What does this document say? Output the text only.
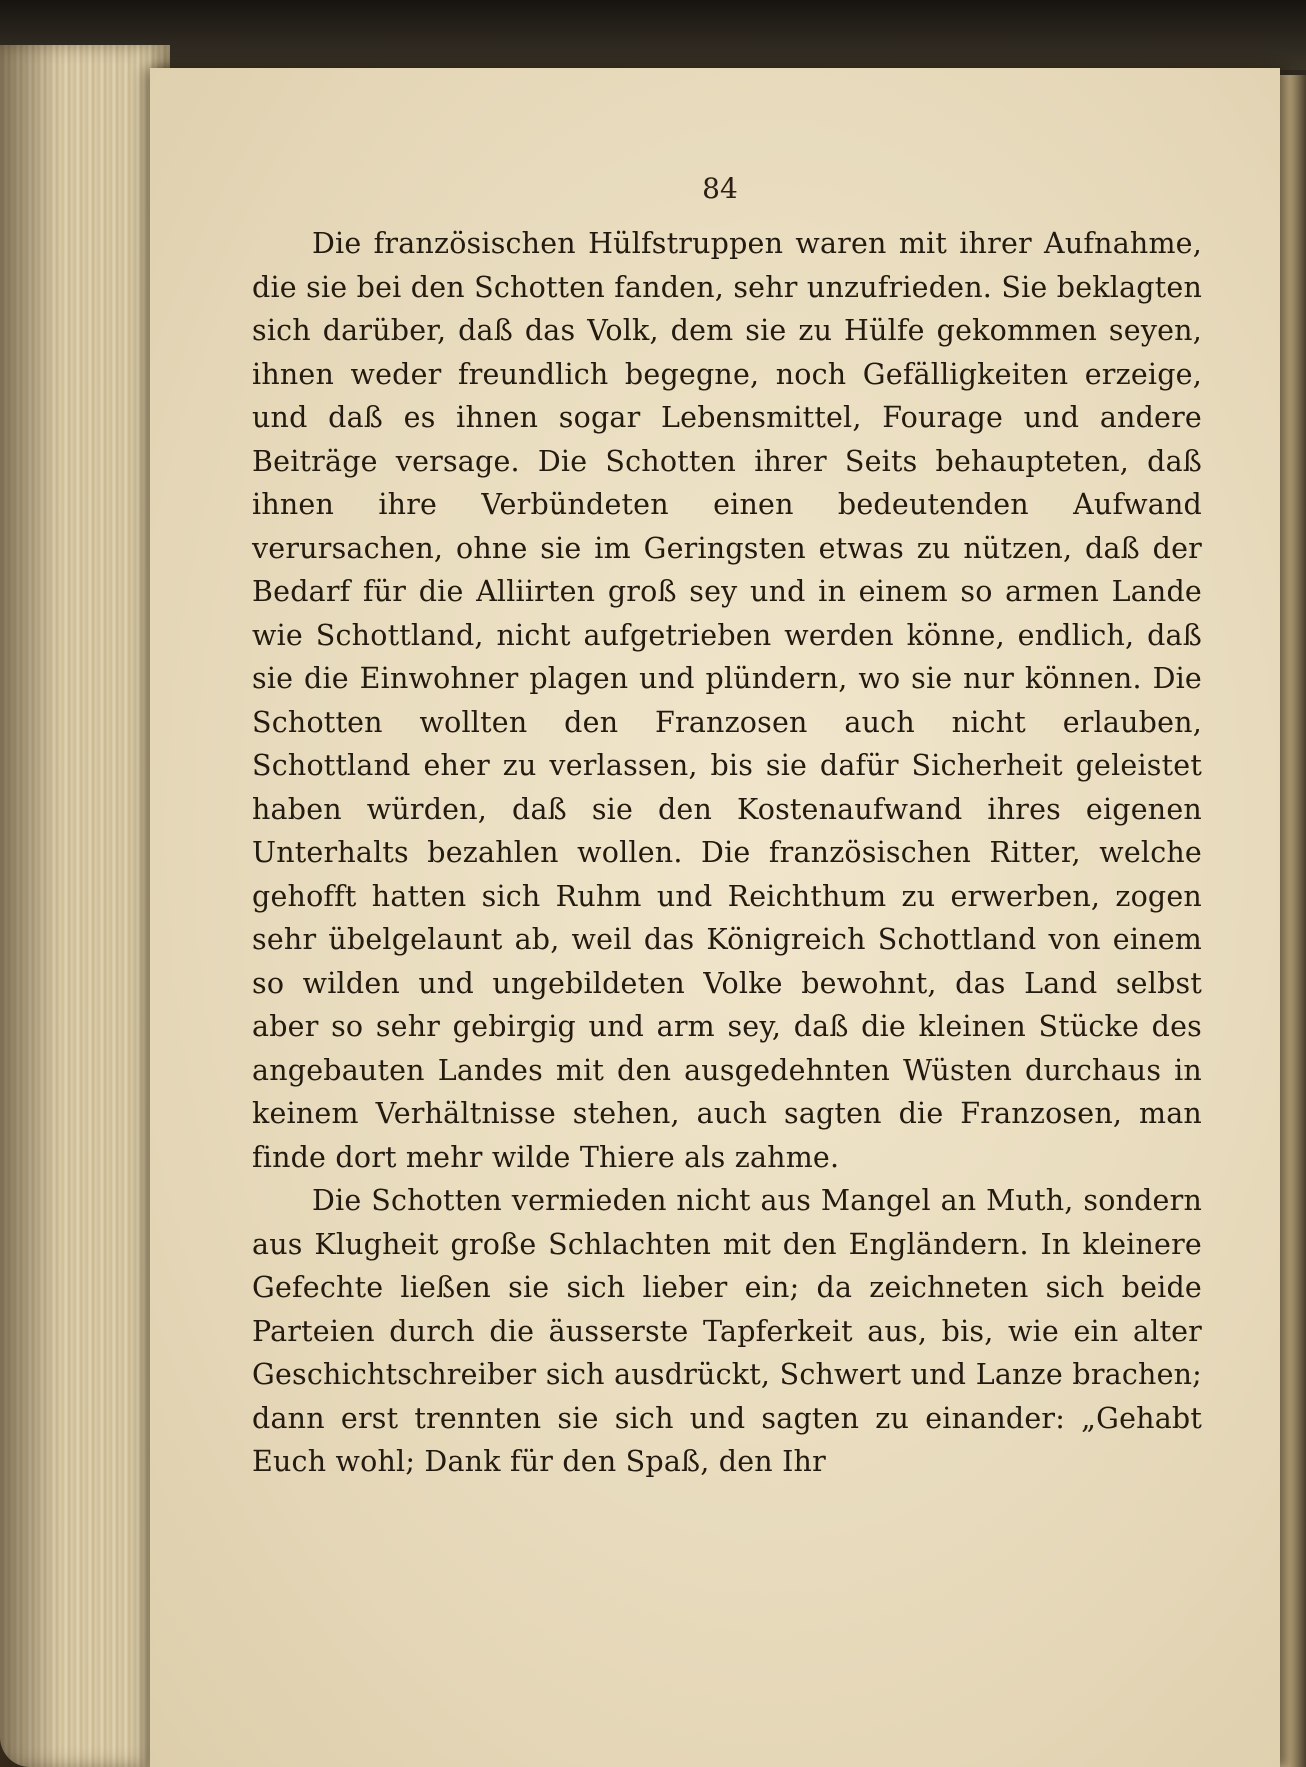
84

Die französischen Hülfstruppen waren mit ihrer Aufnahme, die sie bei den Schotten fanden, sehr unzufrieden. Sie beklagten sich darüber, daß das Volk, dem sie zu Hülfe gekommen seyen, ihnen weder freundlich begegne, noch Gefälligkeiten erzeige, und daß es ihnen sogar Lebensmittel, Fourage und andere Beiträge versage. Die Schotten ihrer Seits behaupteten, daß ihnen ihre Verbündeten einen bedeutenden Aufwand verursachen, ohne sie im Geringsten etwas zu nützen, daß der Bedarf für die Alliirten groß sey und in einem so armen Lande wie Schottland, nicht aufgetrieben werden könne, endlich, daß sie die Einwohner plagen und plündern, wo sie nur können. Die Schotten wollten den Franzosen auch nicht erlauben, Schottland eher zu verlassen, bis sie dafür Sicherheit geleistet haben würden, daß sie den Kostenaufwand ihres eigenen Unterhalts bezahlen wollen. Die französischen Ritter, welche gehofft hatten sich Ruhm und Reichthum zu erwerben, zogen sehr übelgelaunt ab, weil das Königreich Schottland von einem so wilden und ungebildeten Volke bewohnt, das Land selbst aber so sehr gebirgig und arm sey, daß die kleinen Stücke des angebauten Landes mit den ausgedehnten Wüsten durchaus in keinem Verhältnisse stehen, auch sagten die Franzosen, man finde dort mehr wilde Thiere als zahme.

Die Schotten vermieden nicht aus Mangel an Muth, sondern aus Klugheit große Schlachten mit den Engländern. In kleinere Gefechte ließen sie sich lieber ein; da zeichneten sich beide Parteien durch die äusserste Tapferkeit aus, bis, wie ein alter Geschichtschreiber sich ausdrückt, Schwert und Lanze brachen; dann erst trennten sie sich und sagten zu einander: „Gehabt Euch wohl; Dank für den Spaß, den Ihr
